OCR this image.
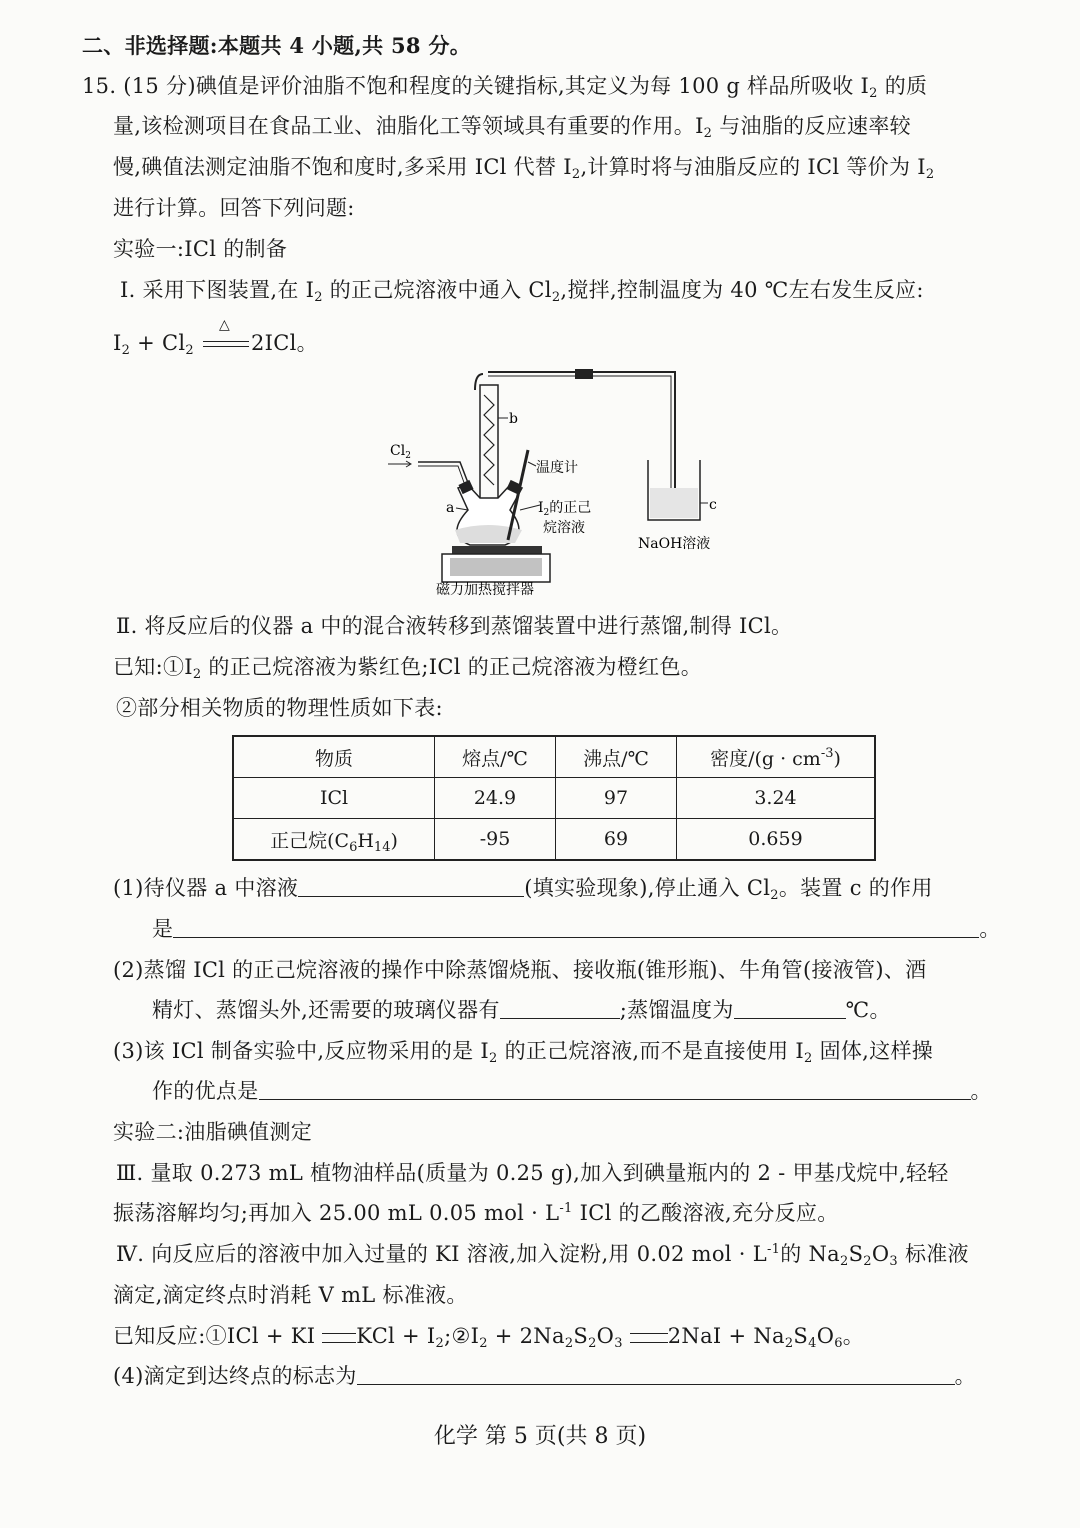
二、非选择题:本题共 4 小题,共 58 分。
15. (15 分)碘值是评价油脂不饱和程度的关键指标,其定义为每 100 g 样品所吸收 $I_2$ 的质
量,该检测项目在食品工业、油脂化工等领域具有重要的作用。$I_2$ 与油脂的反应速率较
慢,碘值法测定油脂不饱和度时,多采用 ICl 代替 $I_2$,计算时将与油脂反应的 ICl 等价为 $I_2$
进行计算。回答下列问题:
实验一:ICl 的制备
Ⅰ. 采用下图装置,在 $I_2$ 的正己烷溶液中通入 $Cl_2$,搅拌,控制温度为 40 ℃左右发生反应:
$I_2 + Cl_2$
△
2ICl。
b
$Cl_2$
a
温度计
$I_2$的正己
烷溶液
磁力加热搅拌器
c
NaOH溶液
Ⅱ. 将反应后的仪器 a 中的混合液转移到蒸馏装置中进行蒸馏,制得 ICl。
已知$:①I_2$ 的正己烷溶液为紫红色;ICl 的正己烷溶液为橙红色。
②部分相关物质的物理性质如下表:
物质	熔点/℃	沸点/℃	密度$/(g \cdot cm^{-3})$
ICl	24.9	97	3.24
正己烷$(C_6H_{14})$	-95	69	0.659
(1)待仪器 a 中溶液	(填实验现象),停止通入 $Cl_2$。装置 c 的作用
是	。
(2)蒸馏 ICl 的正己烷溶液的操作中除蒸馏烧瓶、接收瓶(锥形瓶)、牛角管(接液管)、酒
精灯、蒸馏头外,还需要的玻璃仪器有	;蒸馏温度为	℃。
(3)该 ICl 制备实验中,反应物采用的是 $I_2$ 的正己烷溶液,而不是直接使用 $I_2$ 固体,这样操
作的优点是	。
实验二:油脂碘值测定
Ⅲ. 量取 0.273 mL 植物油样品(质量为 0.25 g),加入到碘量瓶内的 2 - 甲基戊烷中,轻轻
振荡溶解均匀;再加入 25.00 mL 0.05 mol · $L^{-1}$ ICl 的乙酸溶液,充分反应。
Ⅳ. 向反应后的溶液中加入过量的 KI 溶液,加入淀粉,用 0.02 mol · $L^{-1}$的 $Na_2S_2O_3$ 标准液
滴定,滴定终点时消耗 V mL 标准液。
已知反应:①ICl + KI KCl + $I_2;②I_2 + 2Na_2S_2O_3$ $2NaI + Na_2S_4O_6$。
(4)滴定到达终点的标志为	。
化学 第 5 页(共 8 页)
